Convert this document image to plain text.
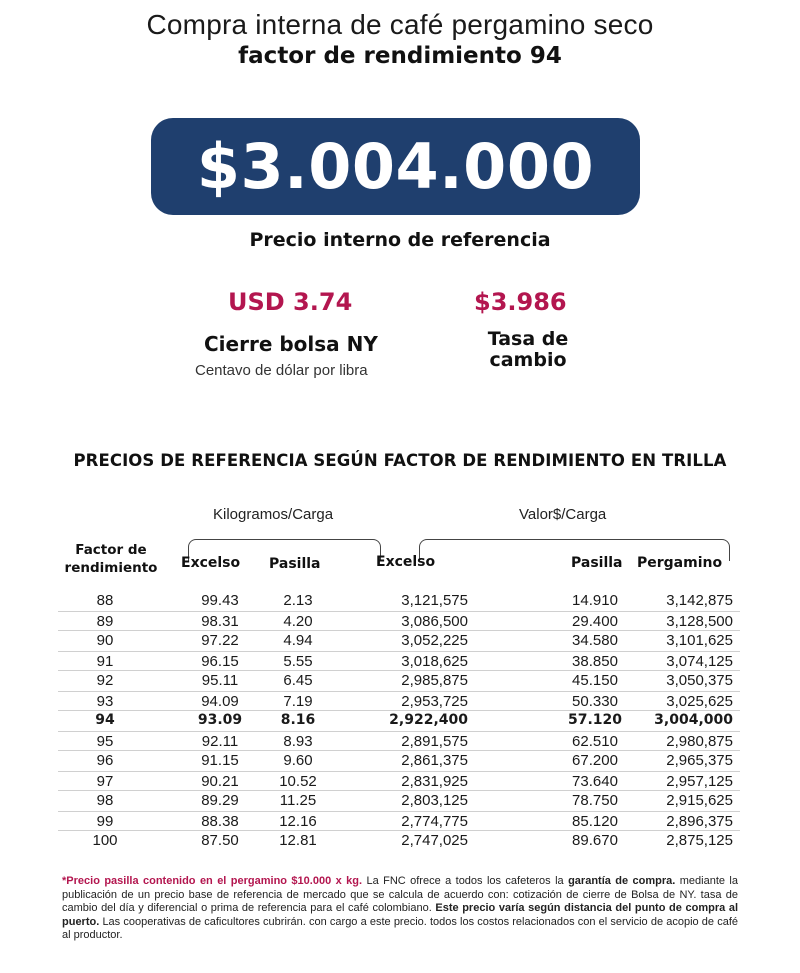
Compra interna de café pergamino seco
factor de rendimiento 94
$3.004.000
Precio interno de referencia
USD 3.74
Cierre bolsa NY
Centavo de dólar por libra
$3.986
Tasa de cambio
PRECIOS DE REFERENCIA SEGÚN FACTOR DE RENDIMIENTO EN TRILLA
Kilogramos/Carga	Valor$/Carga
Factor de rendimiento	Excelso Pasilla	Excelso	Pasilla Pergamino
88	99.43	2.13	3,121,575	14.910	3,142,875
89	98.31	4.20	3,086,500	29.400	3,128,500
90	97.22	4.94	3,052,225	34.580	3,101,625
91	96.15	5.55	3,018,625	38.850	3,074,125
92	95.11	6.45	2,985,875	45.150	3,050,375
93	94.09	7.19	2,953,725	50.330	3,025,625
94	93.09	8.16	2,922,400	57.120	3,004,000
95	92.11	8.93	2,891,575	62.510	2,980,875
96	91.15	9.60	2,861,375	67.200	2,965,375
97	90.21	10.52	2,831,925	73.640	2,957,125
98	89.29	11.25	2,803,125	78.750	2,915,625
99	88.38	12.16	2,774,775	85.120	2,896,375
100	87.50	12.81	2,747,025	89.670	2,875,125
*Precio pasilla contenido en el pergamino $10.000 x kg. La FNC ofrece a todos los cafeteros la garantía de compra. mediante la publicación de un precio base de referencia de mercado que se calcula de acuerdo con: cotización de cierre de Bolsa de NY. tasa de cambio del día y diferencial o prima de referencia para el café colombiano. Este precio varía según distancia del punto de compra al puerto. Las cooperativas de caficultores cubrirán. con cargo a este precio. todos los costos relacionados con el servicio de acopio de café al productor.
